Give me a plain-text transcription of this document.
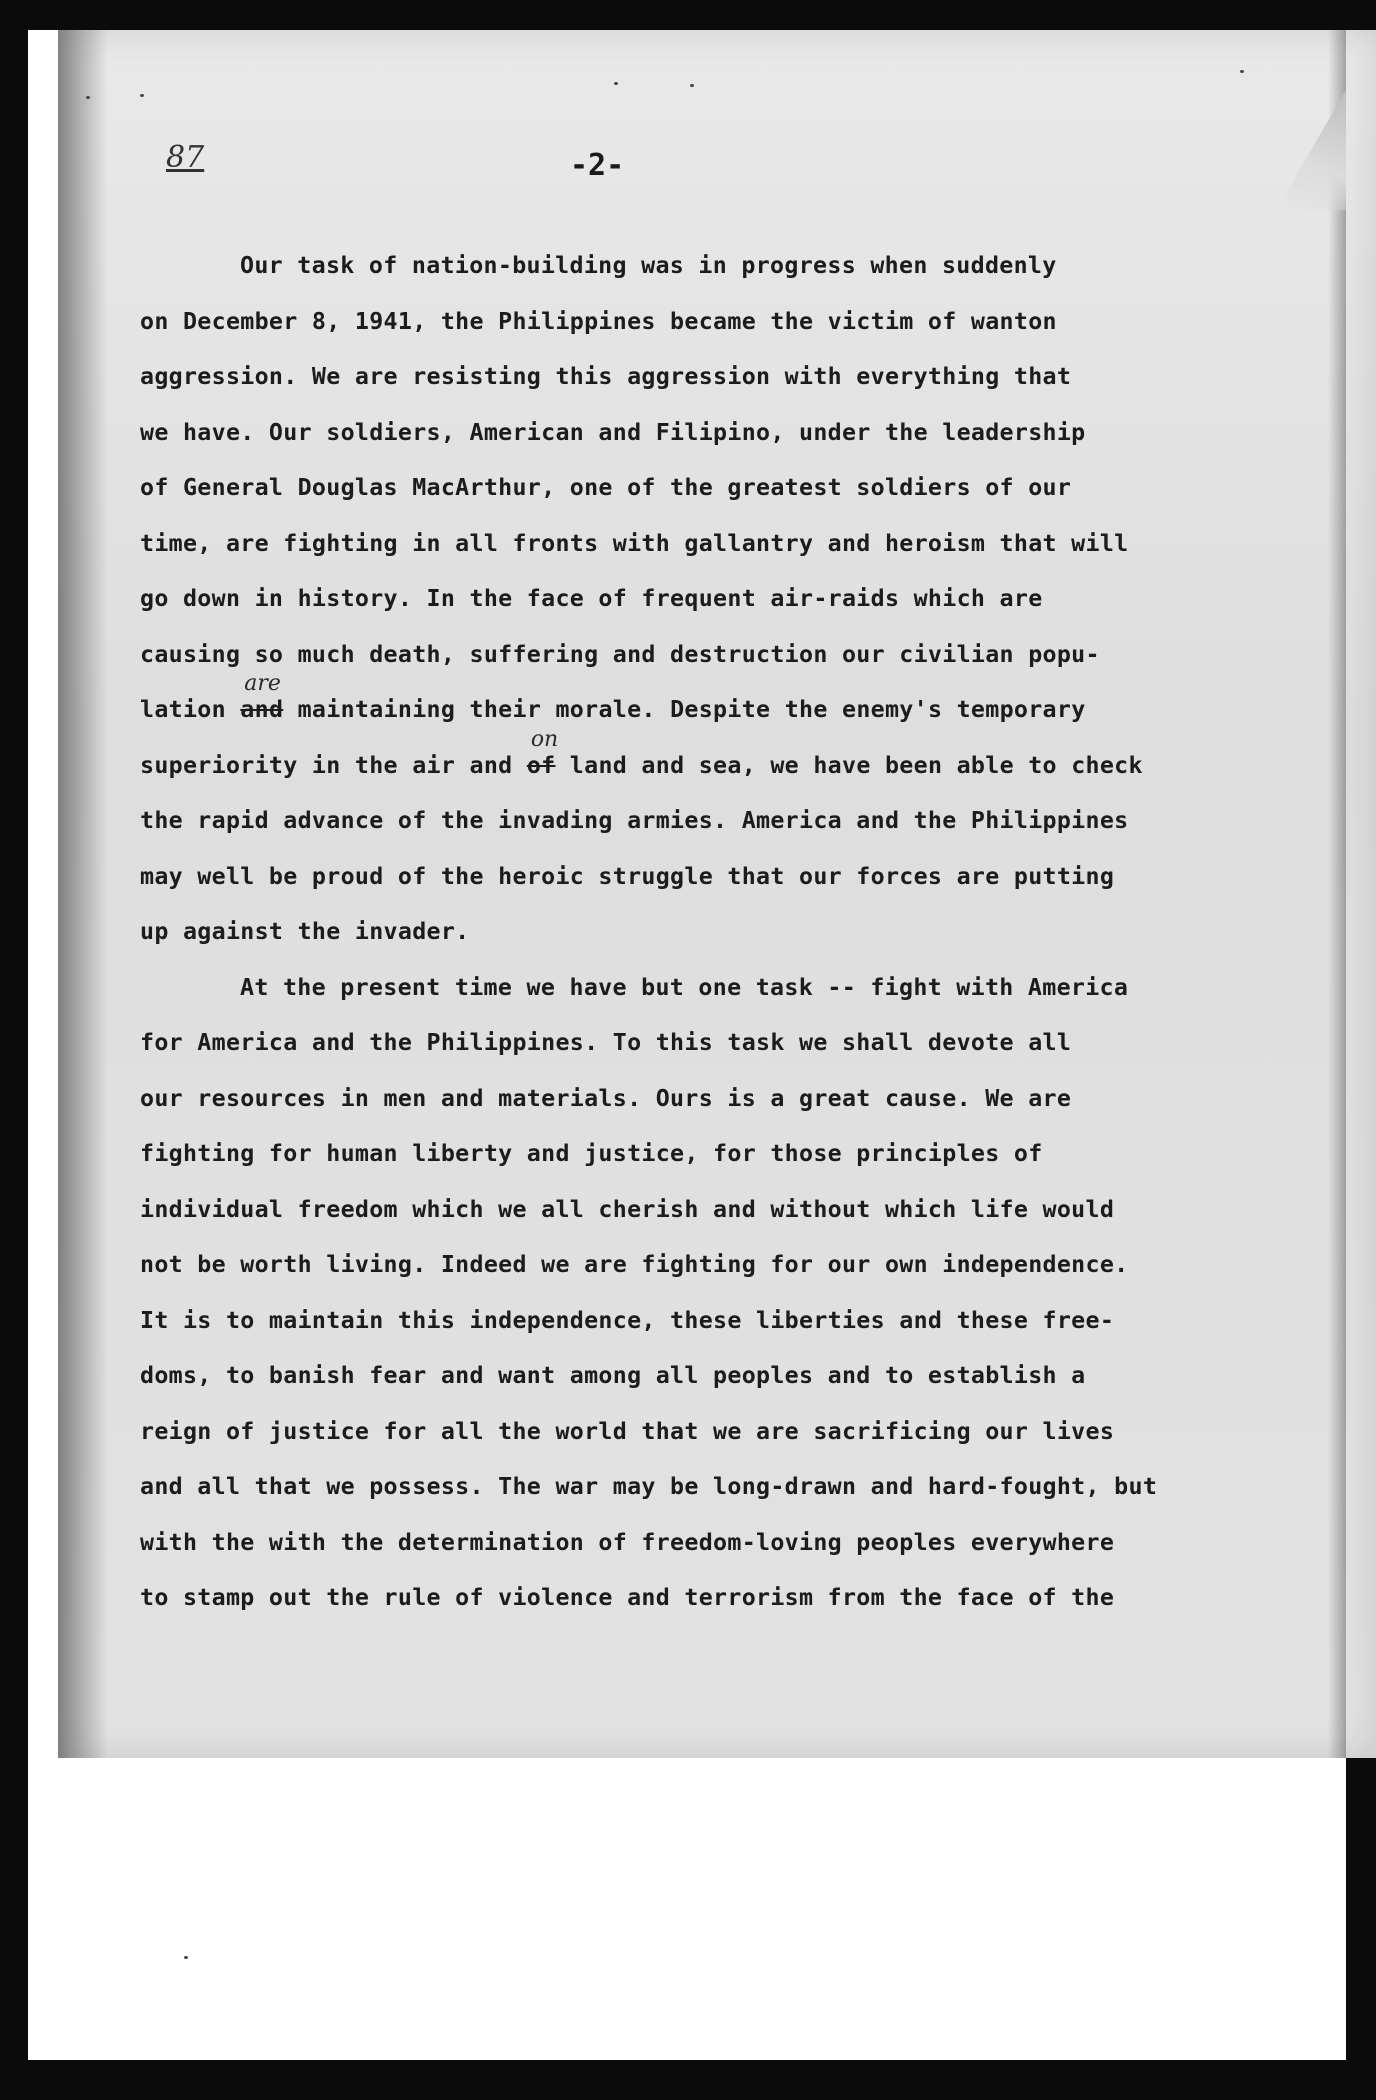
87	-2-
Our task of nation-building was in progress when suddenly
on December 8, 1941, the Philippines became the victim of wanton
aggression. We are resisting this aggression with everything that
we have. Our soldiers, American and Filipino, under the leadership
of General Douglas MacArthur, one of the greatest soldiers of our
time, are fighting in all fronts with gallantry and heroism that will
go down in history. In the face of frequent air-raids which are
causing so much death, suffering and destruction our civilian popu-
lation and
are
maintaining their morale. Despite the enemy's temporary
superiority in the air and of
on
land and sea, we have been able to check
the rapid advance of the invading armies. America and the Philippines
may well be proud of the heroic struggle that our forces are putting
up against the invader.
At the present time we have but one task -- fight with America
for America and the Philippines. To this task we shall devote all
our resources in men and materials. Ours is a great cause. We are
fighting for human liberty and justice, for those principles of
individual freedom which we all cherish and without which life would
not be worth living. Indeed we are fighting for our own independence.
It is to maintain this independence, these liberties and these free-
doms, to banish fear and want among all peoples and to establish a
reign of justice for all the world that we are sacrificing our lives
and all that we possess. The war may be long-drawn and hard-fought, but
with the with the determination of freedom-loving peoples everywhere
to stamp out the rule of violence and terrorism from the face of the
